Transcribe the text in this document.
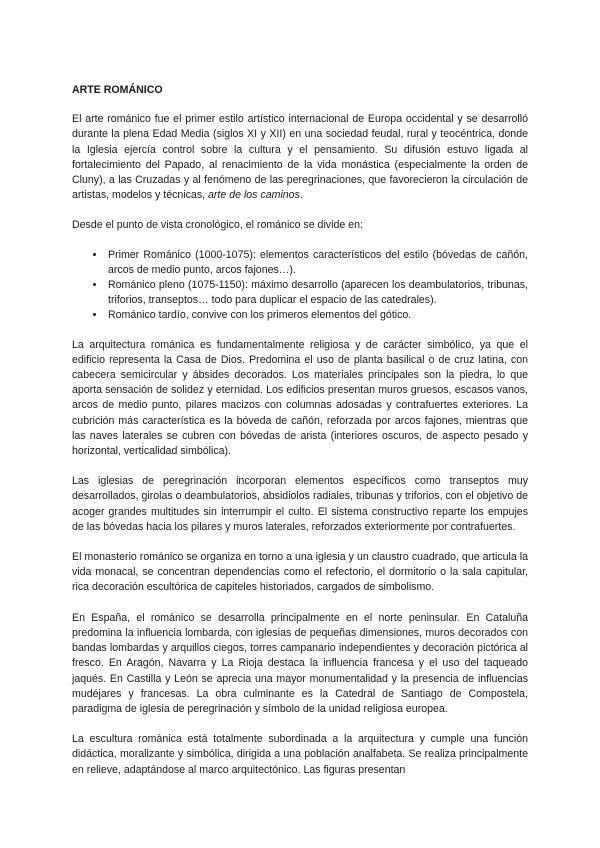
ARTE ROMÁNICO

El arte románico fue el primer estilo artístico internacional de Europa occidental y se desarrolló durante la plena Edad Media (siglos XI y XII) en una sociedad feudal, rural y teocéntrica, donde la Iglesia ejercía control sobre la cultura y el pensamiento. Su difusión estuvo ligada al fortalecimiento del Papado, al renacimiento de la vida monástica (especialmente la orden de Cluny), a las Cruzadas y al fenómeno de las peregrinaciones, que favorecieron la circulación de artistas, modelos y técnicas, arte de los caminos.

Desde el punto de vista cronológico, el románico se divide en:

• Primer Románico (1000-1075): elementos característicos del estilo (bóvedas de cañón, arcos de medio punto, arcos fajones…).
• Románico pleno (1075-1150): máximo desarrollo (aparecen los deambulatorios, tribunas, triforios, transeptos… todo para duplicar el espacio de las catedrales).
• Románico tardío, convive con los primeros elementos del gótico.

La arquitectura románica es fundamentalmente religiosa y de carácter simbólico, ya que el edificio representa la Casa de Dios. Predomina el uso de planta basilical o de cruz latina, con cabecera semicircular y ábsides decorados. Los materiales principales son la piedra, lo que aporta sensación de solidez y eternidad. Los edificios presentan muros gruesos, escasos vanos, arcos de medio punto, pilares macizos con columnas adosadas y contrafuertes exteriores. La cubrición más característica es la bóveda de cañón, reforzada por arcos fajones, mientras que las naves laterales se cubren con bóvedas de arista (interiores oscuros, de aspecto pesado y horizontal, verticalidad simbólica).

Las iglesias de peregrinación incorporan elementos específicos como transeptos muy desarrollados, girolas o deambulatorios, absidiolos radiales, tribunas y triforios, con el objetivo de acoger grandes multitudes sin interrumpir el culto. El sistema constructivo reparte los empujes de las bóvedas hacia los pilares y muros laterales, reforzados exteriormente por contrafuertes.

El monasterio románico se organiza en torno a una iglesia y un claustro cuadrado, que articula la vida monacal, se concentran dependencias como el refectorio, el dormitorio o la sala capitular, rica decoración escultórica de capiteles historiados, cargados de simbolismo.

En España, el románico se desarrolla principalmente en el norte peninsular. En Cataluña predomina la influencia lombarda, con iglesias de pequeñas dimensiones, muros decorados con bandas lombardas y arquillos ciegos, torres campanario independientes y decoración pictórica al fresco. En Aragón, Navarra y La Rioja destaca la influencia francesa y el uso del taqueado jaqués. En Castilla y León se aprecia una mayor monumentalidad y la presencia de influencias mudéjares y francesas. La obra culminante es la Catedral de Santiago de Compostela, paradigma de iglesia de peregrinación y símbolo de la unidad religiosa europea.

La escultura románica está totalmente subordinada a la arquitectura y cumple una función didáctica, moralizante y simbólica, dirigida a una población analfabeta. Se realiza principalmente en relieve, adaptándose al marco arquitectónico. Las figuras presentan
